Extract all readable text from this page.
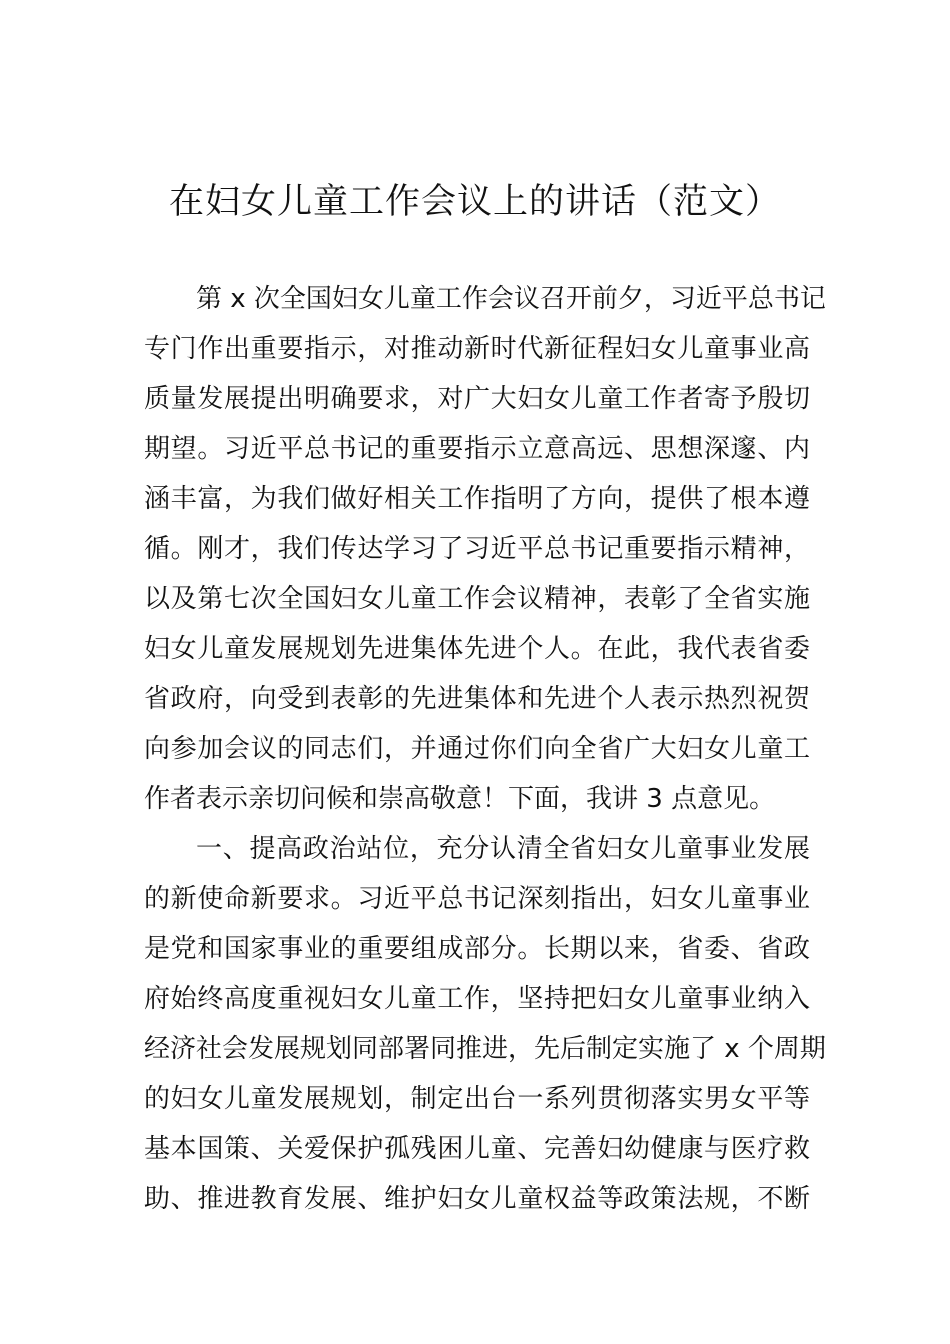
在妇女儿童工作会议上的讲话（范文）
第 x 次全国妇女儿童工作会议召开前夕，习近平总书记
专门作出重要指示，对推动新时代新征程妇女儿童事业高
质量发展提出明确要求，对广大妇女儿童工作者寄予殷切
期望。习近平总书记的重要指示立意高远、思想深邃、内
涵丰富，为我们做好相关工作指明了方向，提供了根本遵
循。刚才，我们传达学习了习近平总书记重要指示精神，
以及第七次全国妇女儿童工作会议精神，表彰了全省实施
妇女儿童发展规划先进集体先进个人。在此，我代表省委
省政府，向受到表彰的先进集体和先进个人表示热烈祝贺
向参加会议的同志们，并通过你们向全省广大妇女儿童工
作者表示亲切问候和崇高敬意！下面，我讲 3 点意见。
一、提高政治站位，充分认清全省妇女儿童事业发展
的新使命新要求。习近平总书记深刻指出，妇女儿童事业
是党和国家事业的重要组成部分。长期以来，省委、省政
府始终高度重视妇女儿童工作，坚持把妇女儿童事业纳入
经济社会发展规划同部署同推进，先后制定实施了 x 个周期
的妇女儿童发展规划，制定出台一系列贯彻落实男女平等
基本国策、关爱保护孤残困儿童、完善妇幼健康与医疗救
助、推进教育发展、维护妇女儿童权益等政策法规，不断
